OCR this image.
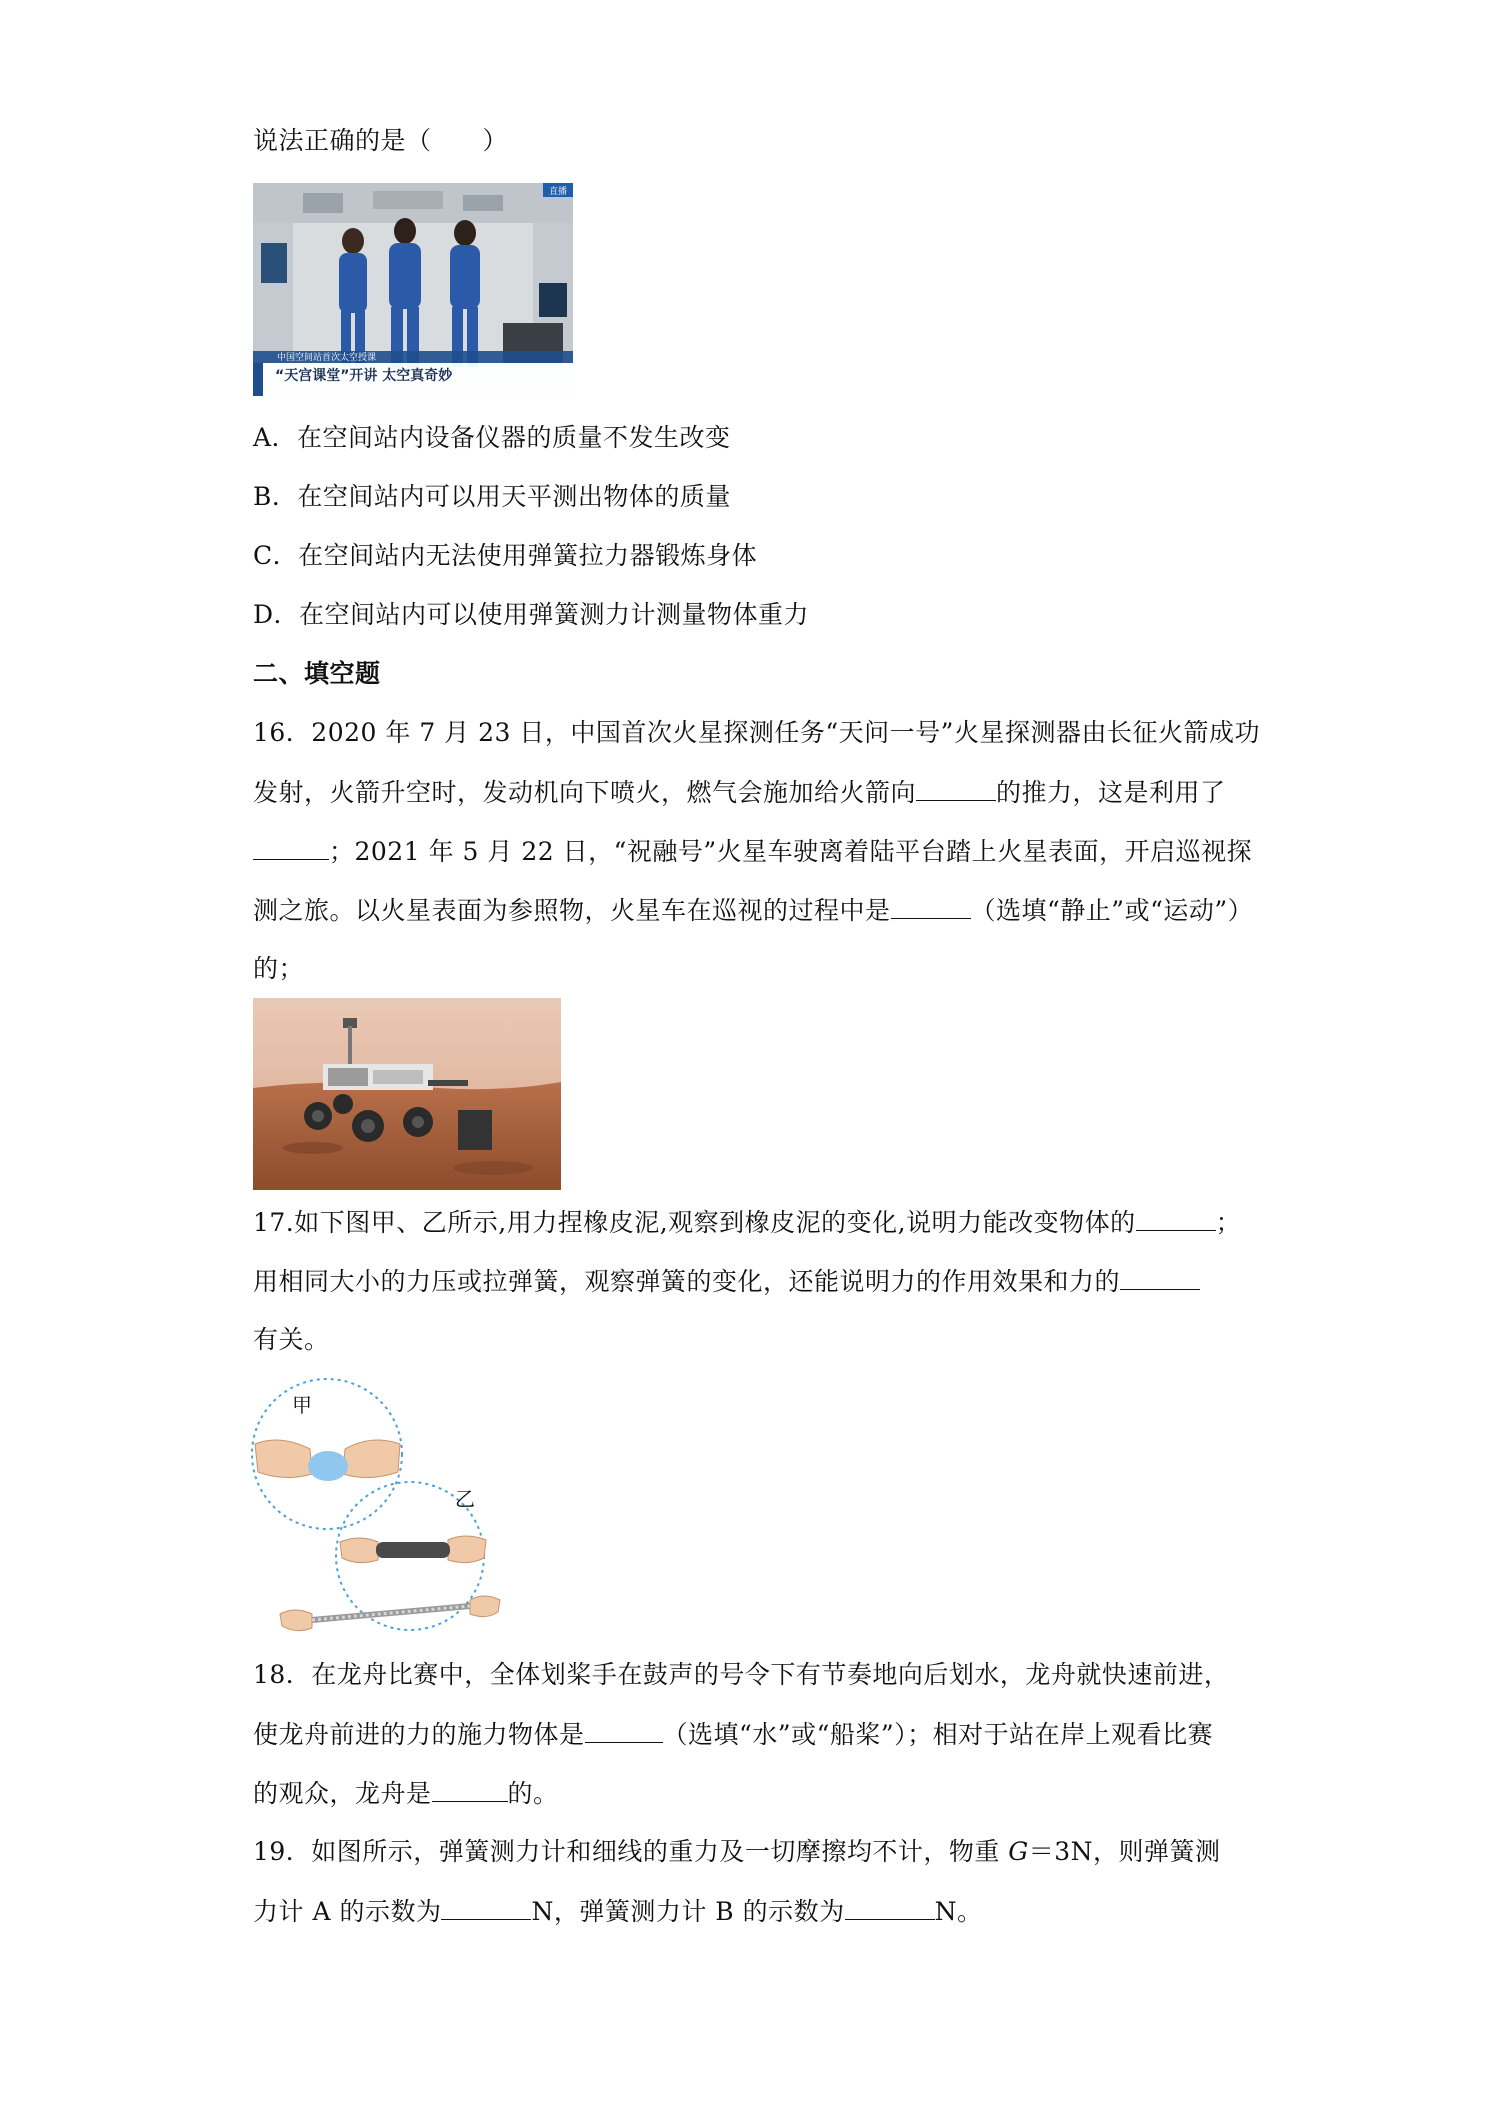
说法正确的是（　　）
直播
中国空间站首次太空授课
“天宫课堂”开讲 太空真奇妙
A．在空间站内设备仪器的质量不发生改变
B．在空间站内可以用天平测出物体的质量
C．在空间站内无法使用弹簧拉力器锻炼身体
D．在空间站内可以使用弹簧测力计测量物体重力
二、填空题
16．2020 年 7 月 23 日，中国首次火星探测任务“天问一号”火星探测器由长征火箭成功
发射，火箭升空时，发动机向下喷火，燃气会施加给火箭向	的推力，这是利用了
；2021 年 5 月 22 日，“祝融号”火星车驶离着陆平台踏上火星表面，开启巡视探
测之旅。以火星表面为参照物，火星车在巡视的过程中是	（选填“静止”或“运动”）
的；
17.如下图甲、乙所示,用力捏橡皮泥,观察到橡皮泥的变化,说明力能改变物体的	；
用相同大小的力压或拉弹簧，观察弹簧的变化，还能说明力的作用效果和力的
有关。
甲
乙
18．在龙舟比赛中，全体划桨手在鼓声的号令下有节奏地向后划水，龙舟就快速前进，
使龙舟前进的力的施力物体是	（选填“水”或“船桨”）；相对于站在岸上观看比赛
的观众，龙舟是	的。
19．如图所示，弹簧测力计和细线的重力及一切摩擦均不计，物重 G＝3N，则弹簧测
力计 A 的示数为	N，弹簧测力计 B 的示数为	N。
